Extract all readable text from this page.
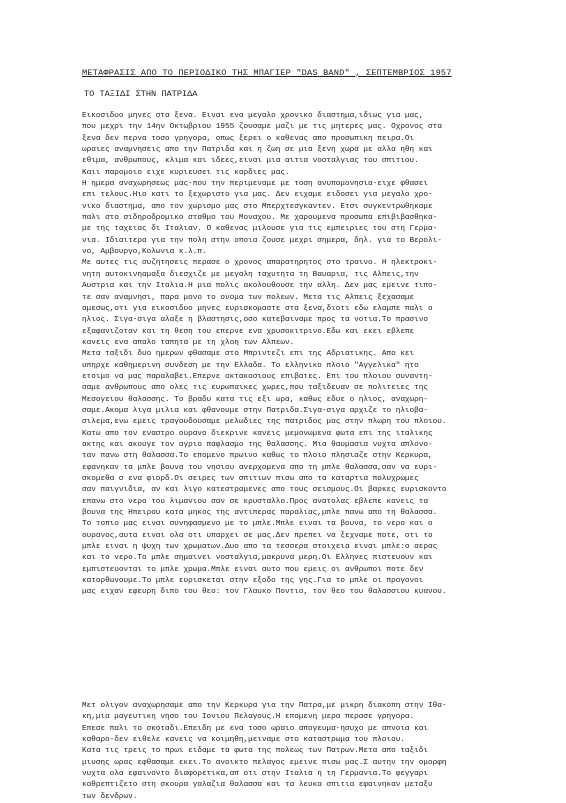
ΜΕΤΑΦΡΑΣΙΣ ΑΠΟ ΤΟ ΠΕΡΙΟΔΙΚΟ ΤΗΣ ΜΠΑΓΙΕΡ "DAS BAND" , ΣΕΠΤΕΜΒΡΙΟΣ 1957
ΤΟ ΤΑΞΙΔΙ ΣΤΗΝ ΠΑΤΡΙΔΑ
Εικοσιδυο μηνες στα ξενα. Ειναι ενα μεγαλο χρονικο διαστημα,ιδιως για μας,
που μεχρι την 14ην Οκτωβριου 1955 ζουσαμε μαζι με τις μητερες μας. Οχρονος στα
ξενα δεν περνα τοσο γρηγορα, οπως ξερει ο καθενας απο προσωπικη πειρα.Οι
ωραιες αναμνησεις απο την Πατριδα και η ζωη σε μια ξενη χωρα με αλλα ηθη και
εθιμα, ανθρωπους, κλιμα και ιδεες,ειναι μια αιτια νοσταλγιας του σπιτιου.
Καιι παρομοιο ειχε κυριευσει τις καρδιες μας.
Η ημερα αναχωρησεως μας-που την περιμεναμε με τοση ανυπομονησια-ειχε φθασει
επι τελους.Ηιο κατι το ξεχωριστο για μας. Δεν ειχαμε ειδοσει για μεγαλο χρο-
νικο διαστημα, απο τον χωρισμο μας στο Μπερχτεσγκαντεν. Ετσι συγκεντρωθηκαμε
παλι στο σιδηροδρομικο σταθμο του Μοναχου. Με χαρουμενα προσωπα επιβιβασθηκα-
με της ταχειας δι Ιταλιαν. Ο καθενας μιλουσε για τις εμπειριες του στη Γερμα-
νια. Ιδιαιτερα για την πολη στην οποια ζουσε μεχρι σημερα, δηλ. για το Βερολι-
νο, Αμβουργο,Κολωνια κ.λ.π.
Με αυτες τις συζητησεις περασε ο χρονος απαρατηρητος στο τραινο. Η ηλεκτροκι-
νητη αυτοκινηαμαξα διεσχιζε με μεγαλη ταχυτητα τη Βαυαρια, τις Αλπεις,την
Αυστρια και την Ιταλια.Η μια πολις ακολουθουσε την αλλη. Δεν μας εμεινε τιπο-
τε σαν αναμνησι, παρα μονο το ονομα των πολεων. Μετα τις Αλπεις ξεχασαμε
αμεσως,οτι για εικοσιδυο μηνες ευρισκομαστε στα ξενα,διοτι εδω ελαμπε παλι ο
ηλιος. Σιγα-σιγα αλαξε η βλαστησις,οσο κατεβαιναμε προς τα νοτια.Το πρασινο
εξαφανιζοταν και τη θεση του επερνε ενα χρυσοκιτρινο.Εδω και εκει εβλεπε
κανεις ενα απαλο ταπητα με τη χλοη των Αλπεων.
Μετα ταξιδι δυο ημερων φθασαμε στο Μπριντεζι επι της Αδριατικης. Απο κει
υπηρχε καθημερινη συνδεση με την Ελλαδα. Το ελληνικο πλοιο "Αγγελικα" ητο
ετοιμο να μας παραλαβει.Επερνε οκτακοσιους επιβατες. Επι του πλοιου συναντη-
σαμε ανθρωπους απο ολες τις ευρωπαικες χωρες,που ταξιδευαν σε πολιτειες της
Μεσογειου θαλασσης. Το βραδυ κατα τις εξι ωρα, καθως εδυε ο ηλιος, αναχωρη-
σαμε.Ακομα λιγα μιλια και φθανουμε στην Πατριδα.Σιγα-σιγα αρχιζε το ηλιοβα-
σιλεμα,ενω εμεις τραγουδουσαμε μελωδιες της πατριδος μας στην πλωρη του πλοιου.
Κατω απο τον εναστρο ουρανο διεκρινε κανεις μεμονωμενα φωτα επι της ιταλικης
ακτης και ακουγε τον αγριο παφλασμο της θαλασσης. Μια θαυμασια νυχτα απλονο-
ταν πανω στη θαλασσα.Το επομενο πρωινο καθως το πλοιο πλησιαζε στην Κερκυρα,
εφανηκαν τα μπλε βουνα του νησιου ανερχομενα απο τη μπλε θαλασσα,σαν να ευρι-
σκομεθα σ ενα φιορδ.Οι σειρες των σπιτιων πισω απο τα καταρτια πολυχρωμες
σαν παιγνιδια, αν και λιγο κατεστραμενες απο τους σεισμους.Οι βαρκες ευρισκοντο
επανω στο νερο του λιμανιου σαν σε κρυσταλλο.Προς ανατολας εβλεπε κανεις τα
βουνα της Ηπειρου κατα μηκος της αντιπερας παραλιας,μπλε πανω απο τη θαλασσα.
Το τοπιο μας ειναι συνηφασμενο με το μπλε.Μπλε ειναι τα βουνα, το νερο και ο
ουρανος,αυτα ειναι ολα οτι υπαρχει σε μας.Δεν πρεπει να ξεχναμε ποτε, οτι το
μπλε ειναι η ψυχη των χρωματων.Δυο απο τα τεσσερα στοιχεια ειναι μπλε:ο αερας
και το νερο.Το μπλε σημαινει νοσταλγια,μακρυνα μερη.Οι Ελληνες πιστευουν και
εμπιστευονται το μπλε χρωμα.Μπλε ειναι αυτο που εμεις οι ανθρωποι ποτε δεν
κατορθωνουμε.Το μπλε ευρισκεται στην εξοδο της γης.Για το μπλε οι προγονοι
μας ειχαν εφευρη διπο του θεο: τον Γλαυκο Ποντιο, τον θεο του θαλασσιου κυανου.
Μετ ολιγον αναχωρησαμε απο την Κερκυρα για την Πατρα,με μικρη διακοπη στην Ιθα-
κη,μια μαγευτικη νησο του Ιονιου Πελαγους.Η επομενη μερα περασε γρηγορα.
Επεσε παλι το σκοταδι.Επειδη με ενα τοσο ωραιο απογευμα-ησυχο με απνοια και
καθαρο-δεν ειθελε κανεις να κοιμηθη,μειναμε στο καταστρωμα του πλοιου.
Κατα τις τρεις το πρωι ειδαμε τα φωτα της πολεως των Πατρων.Μετα απο ταξιδι
μιυσης ωρας εφθασαμε εκει.Το ανοικτο πελαγος εμεινε πισω μας.Σ αυτην την ομορφη
νυχτα ολα εφαινοντο διαφορετικα,απ οτι στην Ιταλια η τη Γερμανια.Το φεγγαρι
καθρεπτιζετο στη σκουρα γαλαζια θαλασσα και τα λευκα σπιτια εφαινηκαν μεταξυ
των δενδρων.
